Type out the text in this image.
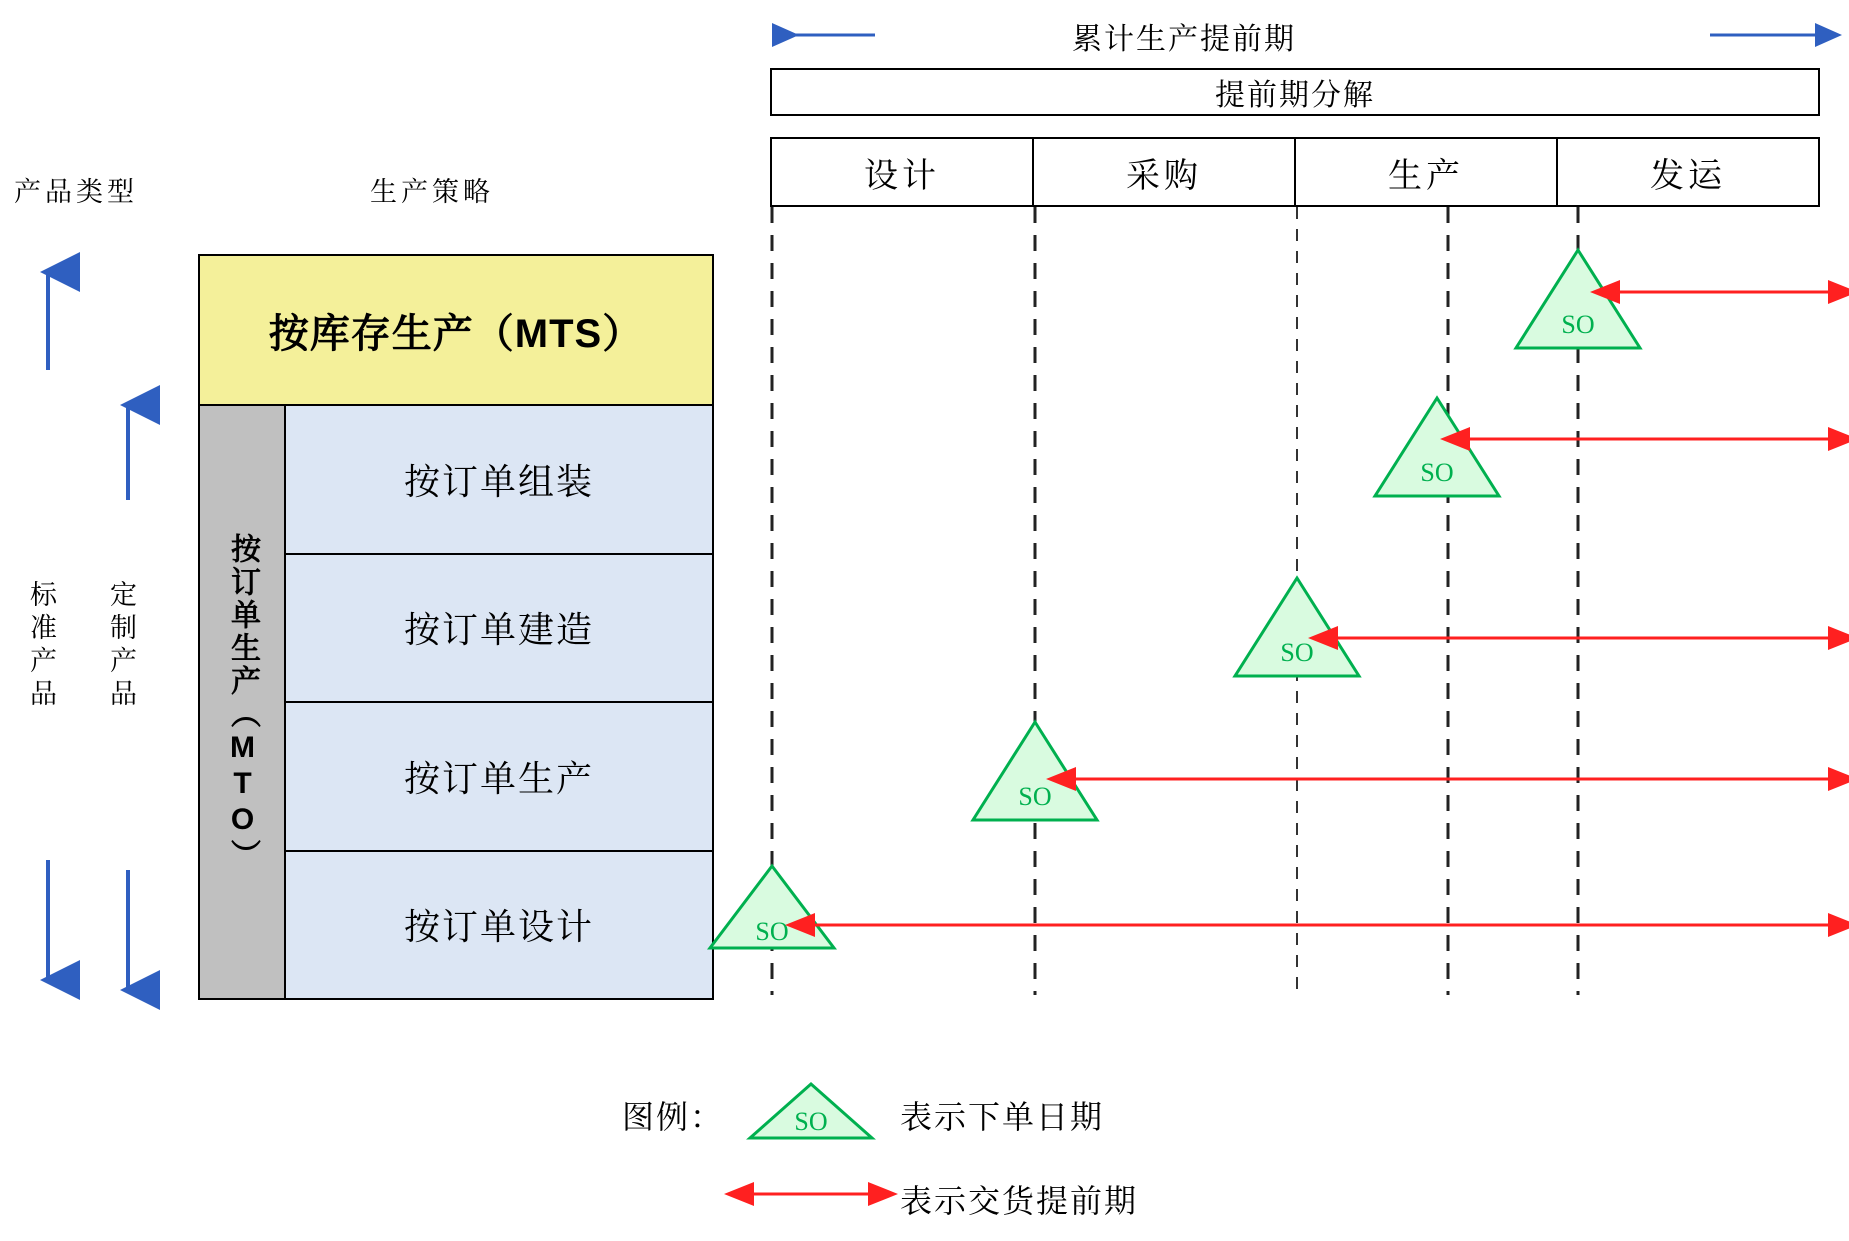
累计生产提前期
提前期分解
设计	采购	生产	发运
产品类型
标准产品 定制产品
生产策略
按库存生产（MTS）
按订单生产（MTO）
按订单组装
按订单建造
按订单生产
按订单设计
SO
SO
SO
SO
SO
图例：	SO 表示下单日期
表示交货提前期
